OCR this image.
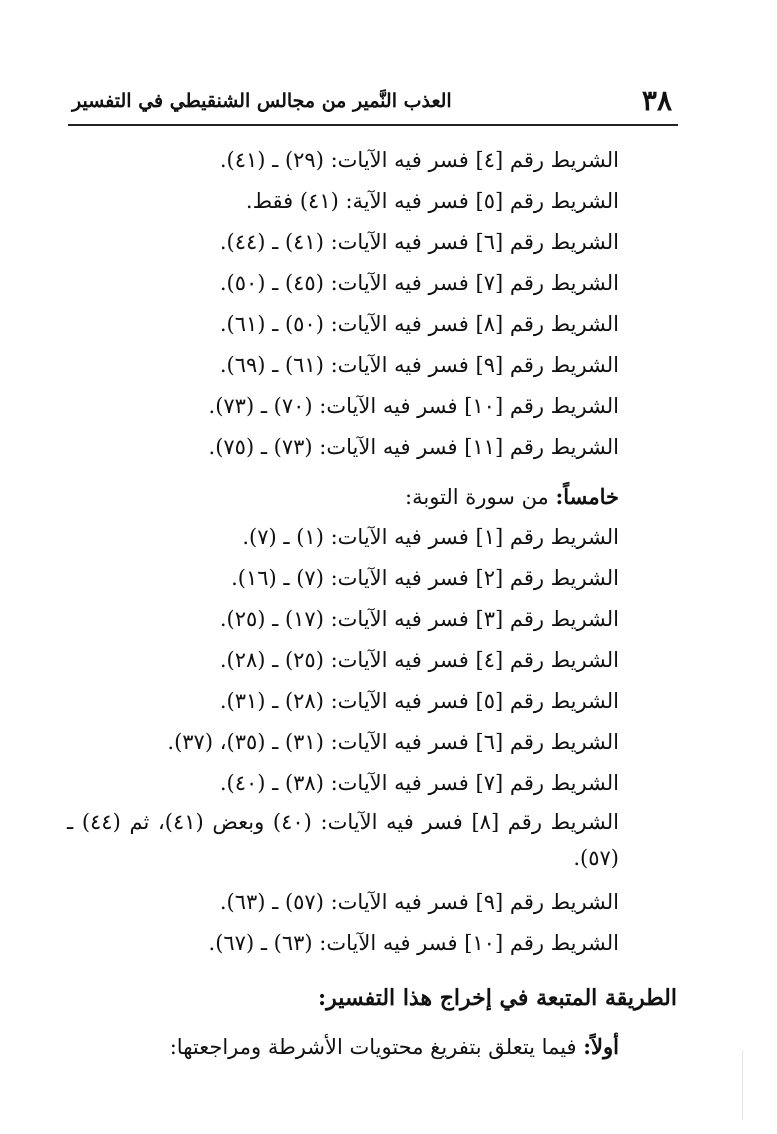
٣٨
العذب النَّمير من مجالس الشنقيطي في التفسير
الشريط رقم [٤] فسر فيه الآيات: (٢٩) ـ (٤١).
الشريط رقم [٥] فسر فيه الآية: (٤١) فقط.
الشريط رقم [٦] فسر فيه الآيات: (٤١) ـ (٤٤).
الشريط رقم [٧] فسر فيه الآيات: (٤٥) ـ (٥٠).
الشريط رقم [٨] فسر فيه الآيات: (٥٠) ـ (٦١).
الشريط رقم [٩] فسر فيه الآيات: (٦١) ـ (٦٩).
الشريط رقم [١٠] فسر فيه الآيات: (٧٠) ـ (٧٣).
الشريط رقم [١١] فسر فيه الآيات: (٧٣) ـ (٧٥).
خامساً: من سورة التوبة:
الشريط رقم [١] فسر فيه الآيات: (١) ـ (٧).
الشريط رقم [٢] فسر فيه الآيات: (٧) ـ (١٦).
الشريط رقم [٣] فسر فيه الآيات: (١٧) ـ (٢٥).
الشريط رقم [٤] فسر فيه الآيات: (٢٥) ـ (٢٨).
الشريط رقم [٥] فسر فيه الآيات: (٢٨) ـ (٣١).
الشريط رقم [٦] فسر فيه الآيات: (٣١) ـ (٣٥)، (٣٧).
الشريط رقم [٧] فسر فيه الآيات: (٣٨) ـ (٤٠).
الشريط رقم [٨] فسر فيه الآيات: (٤٠) وبعض (٤١)، ثم (٤٤) ـ (٥٧).
الشريط رقم [٩] فسر فيه الآيات: (٥٧) ـ (٦٣).
الشريط رقم [١٠] فسر فيه الآيات: (٦٣) ـ (٦٧).
الطريقة المتبعة في إخراج هذا التفسير:
أولاً: فيما يتعلق بتفريغ محتويات الأشرطة ومراجعتها:
